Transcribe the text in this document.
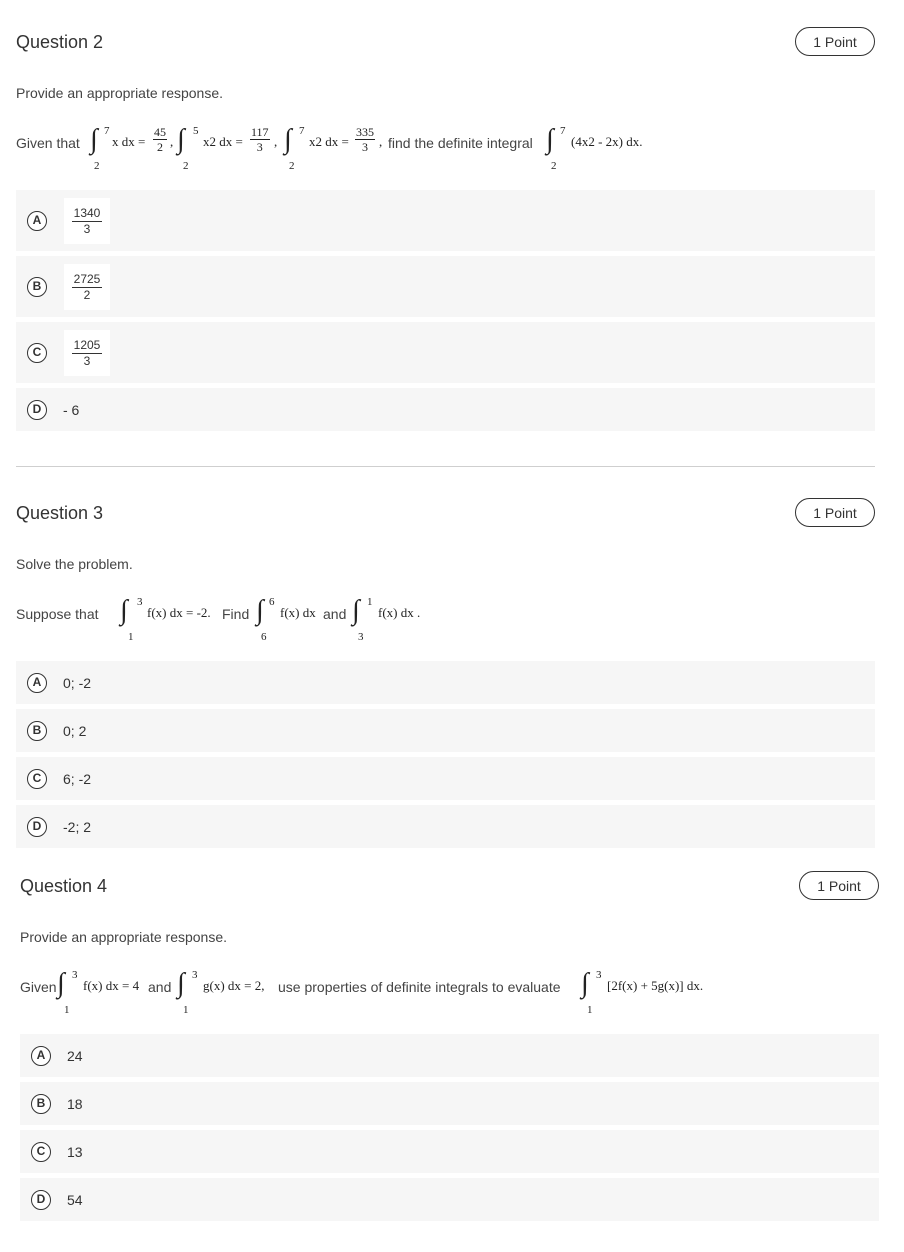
Question 2	1 Point
Provide an appropriate response.
Given that ∫ 7
2
x dx = $\frac{45}{2}$ , ∫ 5
2
x2 dx = $\frac{117}{3}$ , ∫ 7
2
x2 dx = $\frac{335}{3}$ , find the definite integral ∫ 7
2
(4x2 - 2x) dx.
A	$\frac{1340}{3}$
B	$\frac{2725}{2}$
C	$\frac{1205}{3}$
D	- 6
Question 3	1 Point
Solve the problem.
Suppose that ∫ 3
1
f(x) dx = -2. Find ∫ 6
6
f(x) dx and ∫ 1
3
f(x) dx .
A	0; -2
B	0; 2
C	6; -2
D	-2; 2
Question 4	1 Point
Provide an appropriate response.
Given ∫ 3
1
f(x) dx = 4 and ∫ 3
1
g(x) dx = 2, use properties of definite integrals to evaluate ∫ 3
1
[2f(x) + 5g(x)] dx.
A	24
B	18
C	13
D	54
